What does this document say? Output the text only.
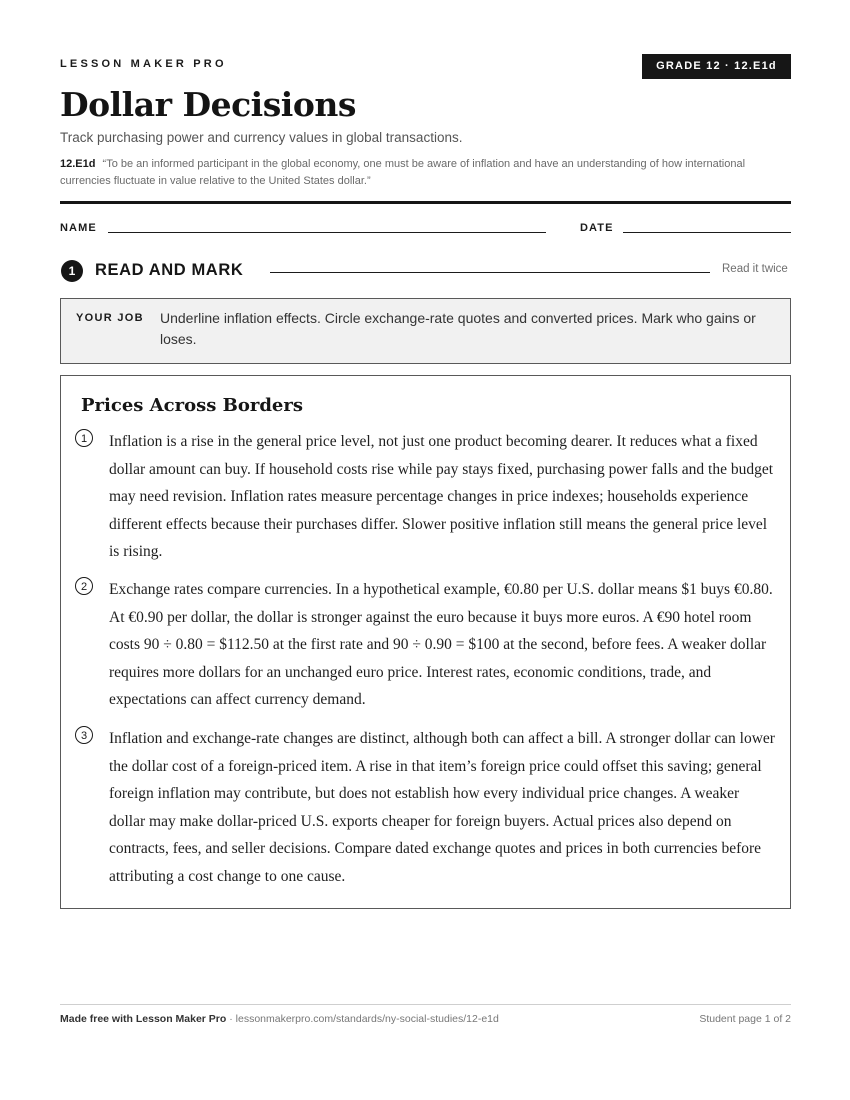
LESSON MAKER PRO	GRADE 12 · 12.E1d
Dollar Decisions
Track purchasing power and currency values in global transactions.
12.E1d “To be an informed participant in the global economy, one must be aware of inflation and have an understanding of how international currencies fluctuate in value relative to the United States dollar.”
NAME	DATE
1	READ AND MARK	Read it twice
YOUR JOB Underline inflation effects. Circle exchange-rate quotes and converted prices. Mark who gains or loses.
Prices Across Borders
1	Inflation is a rise in the general price level, not just one product becoming dearer. It reduces what a fixed dollar amount can buy. If household costs rise while pay stays fixed, purchasing power falls and the budget may need revision. Inflation rates measure percentage changes in price indexes; households experience different effects because their purchases differ. Slower positive inflation still means the general price level is rising.
2	Exchange rates compare currencies. In a hypothetical example, €0.80 per U.S. dollar means $1 buys €0.80. At €0.90 per dollar, the dollar is stronger against the euro because it buys more euros. A €90 hotel room costs 90 ÷ 0.80 = $112.50 at the first rate and 90 ÷ 0.90 = $100 at the second, before fees. A weaker dollar requires more dollars for an unchanged euro price. Interest rates, economic conditions, trade, and expectations can affect currency demand.
3	Inflation and exchange-rate changes are distinct, although both can affect a bill. A stronger dollar can lower the dollar cost of a foreign-priced item. A rise in that item’s foreign price could offset this saving; general foreign inflation may contribute, but does not establish how every individual price changes. A weaker dollar may make dollar-priced U.S. exports cheaper for foreign buyers. Actual prices also depend on contracts, fees, and seller decisions. Compare dated exchange quotes and prices in both currencies before attributing a cost change to one cause.
Made free with Lesson Maker Pro · lessonmakerpro.com/standards/ny-social-studies/12-e1d	Student page 1 of 2
